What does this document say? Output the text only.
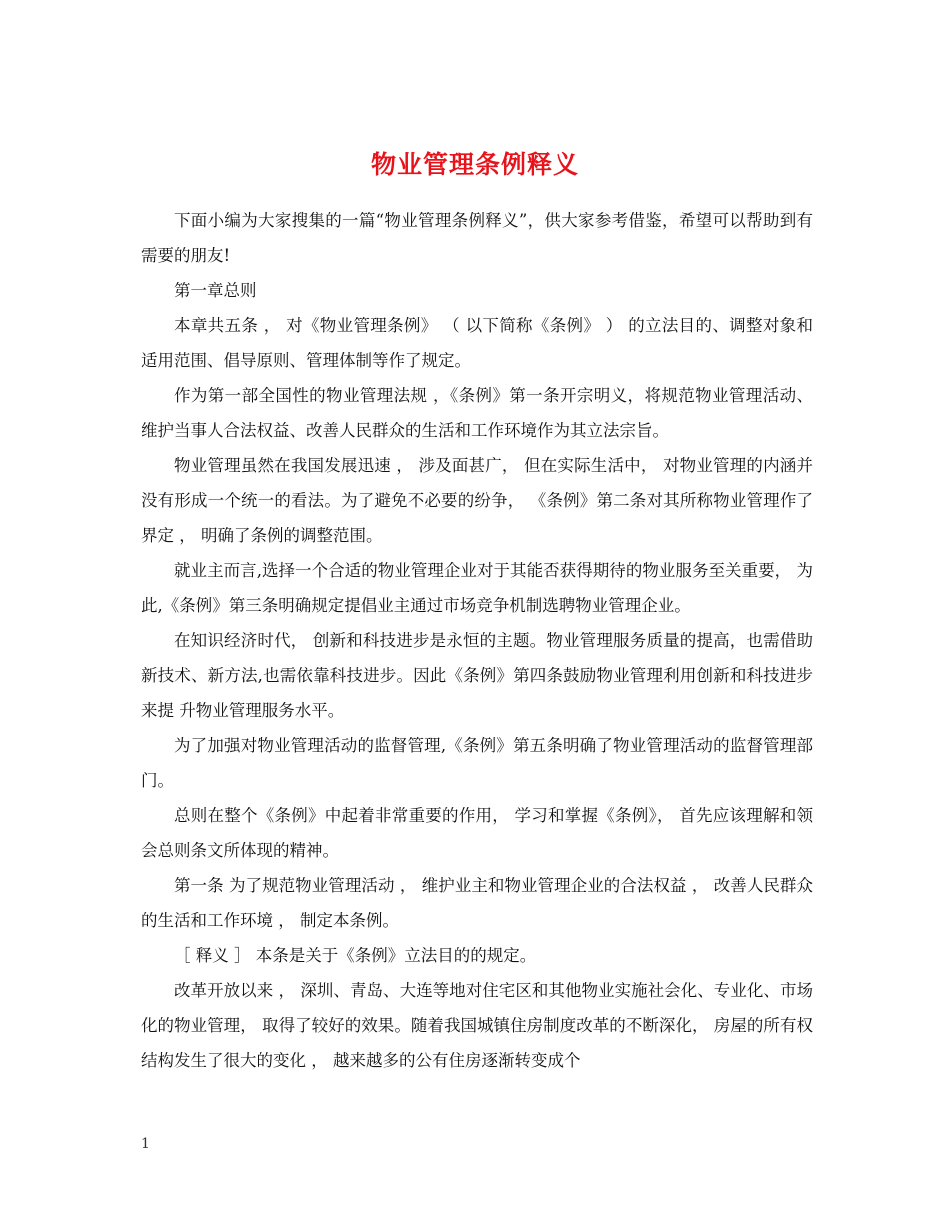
物业管理条例释义

下面小编为大家搜集的一篇“物业管理条例释义”，供大家参考借鉴，希望可以帮助到有需要的朋友!

第一章总则

本章共五条 ， 对《物业管理条例》 （ 以下简称《条例》 ） 的立法目的、调整对象和适用范围、倡导原则、管理体制等作了规定。

作为第一部全国性的物业管理法规 ，《条例》第一条开宗明义，将规范物业管理活动、维护当事人合法权益、改善人民群众的生活和工作环境作为其立法宗旨。

物业管理虽然在我国发展迅速 ， 涉及面甚广， 但在实际生活中， 对物业管理的内涵并没有形成一个统一的看法。为了避免不必要的纷争， 《条例》第二条对其所称物业管理作了界定 ， 明确了条例的调整范围。

就业主而言,选择一个合适的物业管理企业对于其能否获得期待的物业服务至关重要， 为此,《条例》第三条明确规定提倡业主通过市场竞争机制选聘物业管理企业。

在知识经济时代， 创新和科技进步是永恒的主题。物业管理服务质量的提高，也需借助新技术、新方法,也需依靠科技进步。因此《条例》第四条鼓励物业管理利用创新和科技进步来提 升物业管理服务水平。

为了加强对物业管理活动的监督管理,《条例》第五条明确了物业管理活动的监督管理部门。

总则在整个《条例》中起着非常重要的作用， 学习和掌握《条例》， 首先应该理解和领会总则条文所体现的精神。

第一条 为了规范物业管理活动 ， 维护业主和物业管理企业的合法权益 ， 改善人民群众的生活和工作环境 ， 制定本条例。

［ 释义 ］ 本条是关于《条例》立法目的的规定。

改革开放以来 ， 深圳、青岛、大连等地对住宅区和其他物业实施社会化、专业化、市场化的物业管理， 取得了较好的效果。随着我国城镇住房制度改革的不断深化， 房屋的所有权结构发生了很大的变化 ， 越来越多的公有住房逐渐转变成个

1
